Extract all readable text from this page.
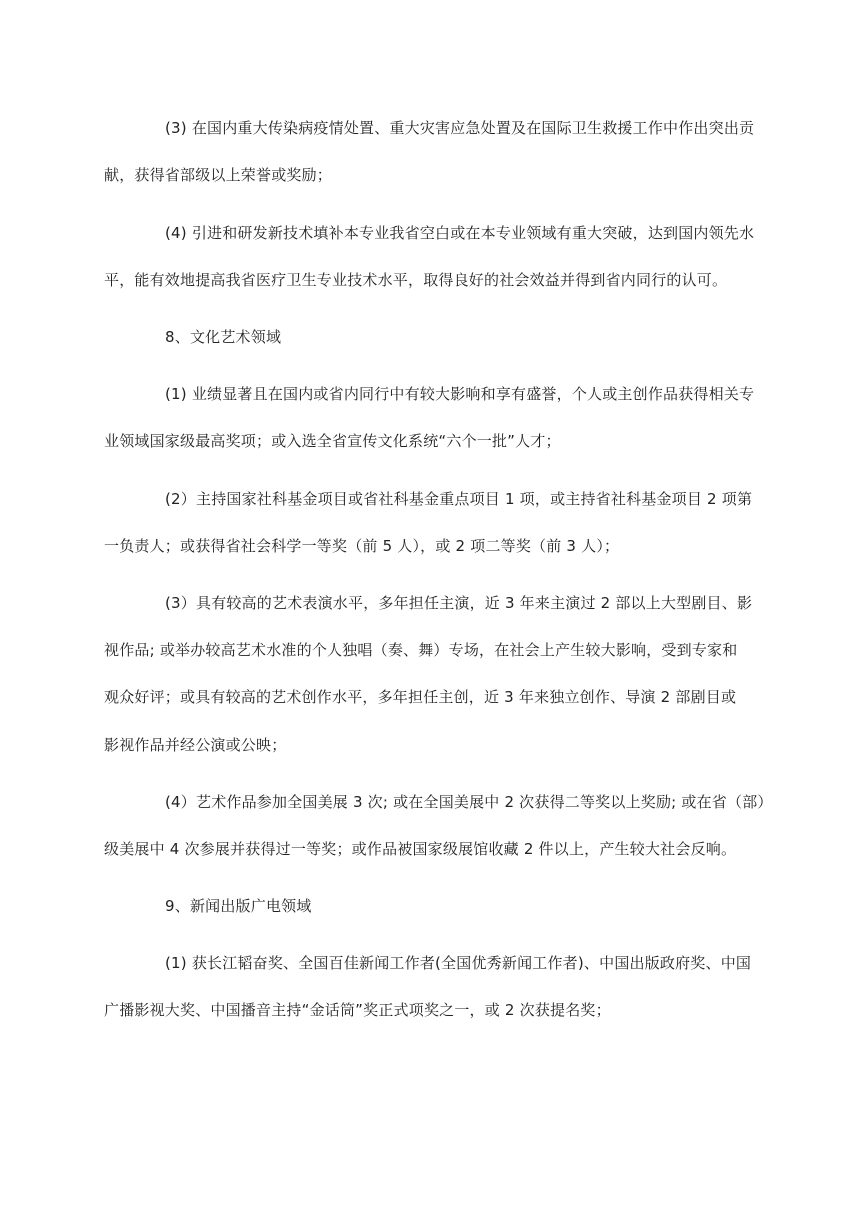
(3) 在国内重大传染病疫情处置、重大灾害应急处置及在国际卫生救援工作中作出突出贡
献，获得省部级以上荣誉或奖励；
(4) 引进和研发新技术填补本专业我省空白或在本专业领域有重大突破，达到国内领先水
平，能有效地提高我省医疗卫生专业技术水平，取得良好的社会效益并得到省内同行的认可。
8、文化艺术领域
(1) 业绩显著且在国内或省内同行中有较大影响和享有盛誉，个人或主创作品获得相关专
业领域国家级最高奖项；或入选全省宣传文化系统“六个一批”人才；
(2）主持国家社科基金项目或省社科基金重点项目 1 项，或主持省社科基金项目 2 项第
一负责人；或获得省社会科学一等奖（前 5 人），或 2 项二等奖（前 3 人）；
(3）具有较高的艺术表演水平，多年担任主演，近 3 年来主演过 2 部以上大型剧目、影
视作品; 或举办较高艺术水准的个人独唱（奏、舞）专场，在社会上产生较大影响，受到专家和
观众好评；或具有较高的艺术创作水平，多年担任主创，近 3 年来独立创作、导演 2 部剧目或
影视作品并经公演或公映；
(4）艺术作品参加全国美展 3 次; 或在全国美展中 2 次获得二等奖以上奖励; 或在省（部）
级美展中 4 次参展并获得过一等奖；或作品被国家级展馆收藏 2 件以上，产生较大社会反响。
9、新闻出版广电领域
(1) 获长江韬奋奖、全国百佳新闻工作者(全国优秀新闻工作者)、中国出版政府奖、中国
广播影视大奖、中国播音主持“金话筒”奖正式项奖之一，或 2 次获提名奖；
